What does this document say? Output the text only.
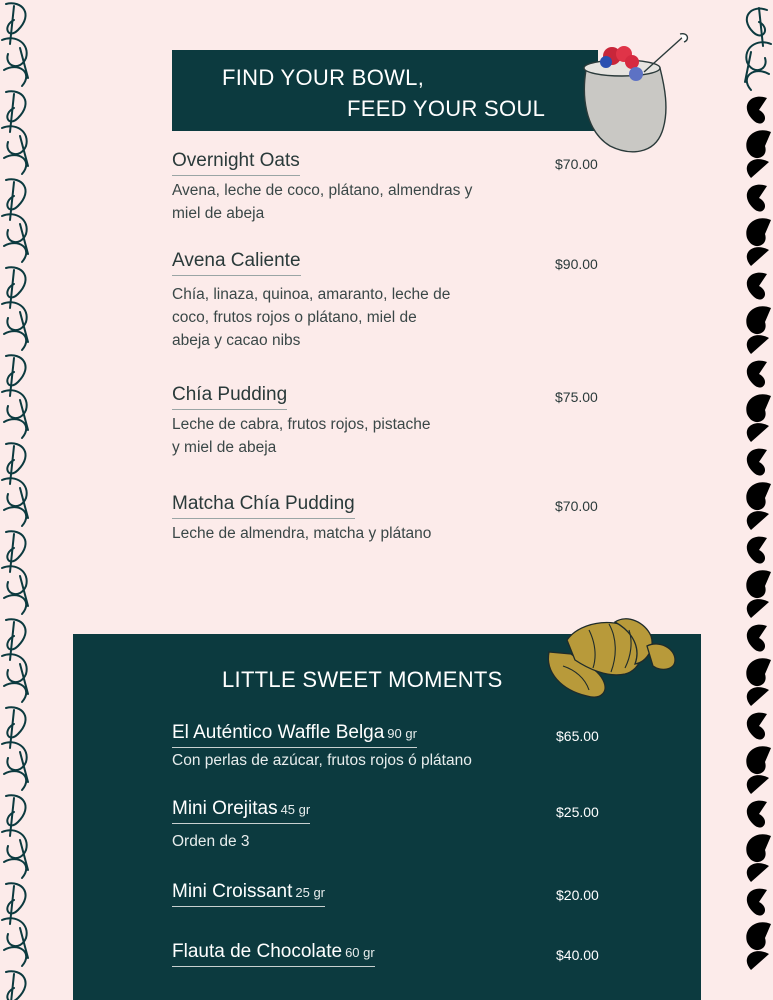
FIND YOUR BOWL,
FEED YOUR SOUL
Overnight Oats
Avena, leche de coco, plátano, almendras y
miel de abeja
$70.00
Avena Caliente
Chía, linaza, quinoa, amaranto, leche de
coco, frutos rojos o plátano, miel de
abeja y cacao nibs
$90.00
Chía Pudding
Leche de cabra, frutos rojos, pistache
y miel de abeja
$75.00
Matcha Chía Pudding
Leche de almendra, matcha y plátano
$70.00
LITTLE SWEET MOMENTS
El Auténtico Waffle Belga 90 gr
Con perlas de azúcar, frutos rojos ó plátano
$65.00
Mini Orejitas 45 gr
Orden de 3
$25.00
Mini Croissant 25 gr	$20.00
Flauta de Chocolate 60 gr	$40.00
